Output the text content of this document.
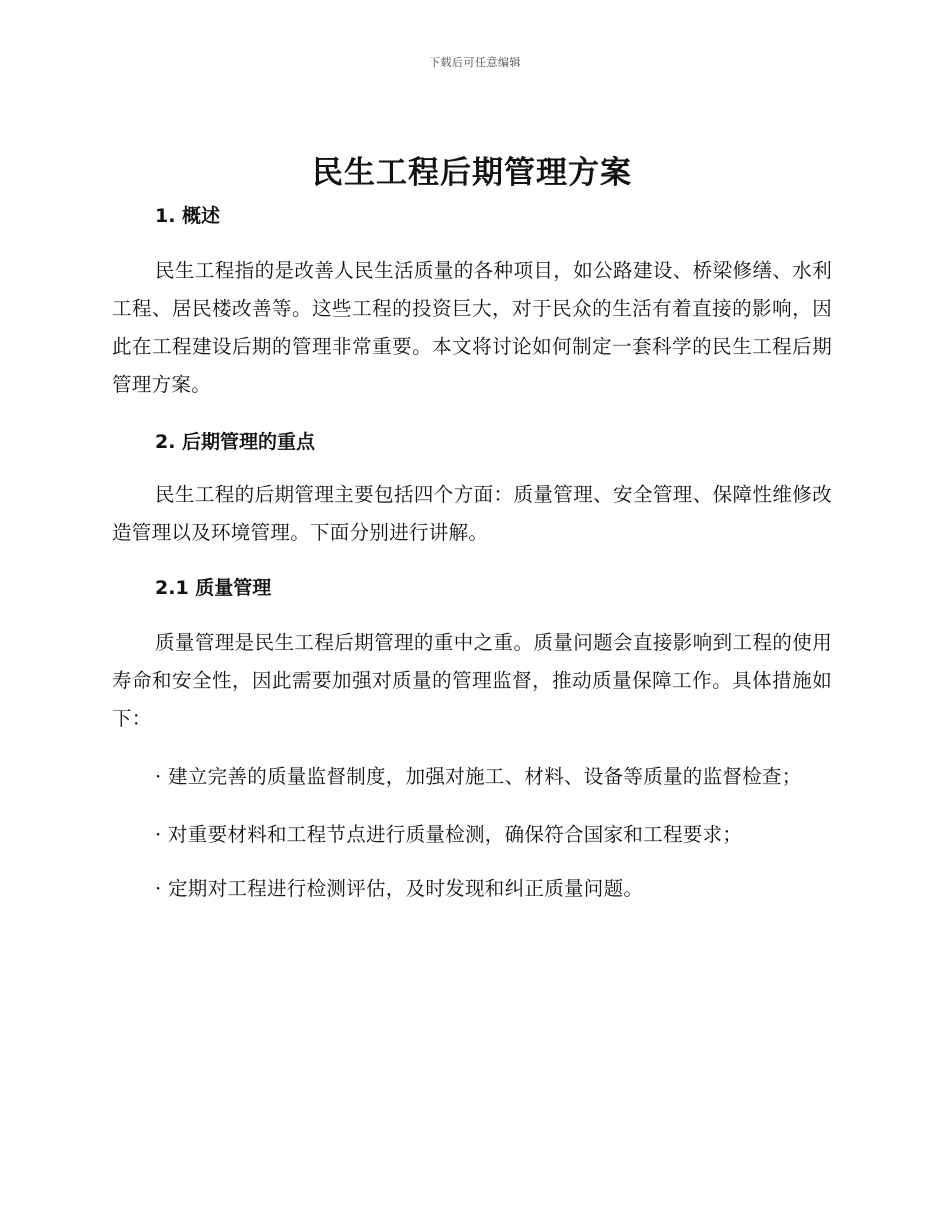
下载后可任意编辑
民生工程后期管理方案
1. 概述

民生工程指的是改善人民生活质量的各种项目，如公路建设、桥梁修缮、水利工程、居民楼改善等。这些工程的投资巨大，对于民众的生活有着直接的影响，因此在工程建设后期的管理非常重要。本文将讨论如何制定一套科学的民生工程后期管理方案。

2. 后期管理的重点

民生工程的后期管理主要包括四个方面：质量管理、安全管理、保障性维修改造管理以及环境管理。下面分别进行讲解。

2.1 质量管理

质量管理是民生工程后期管理的重中之重。质量问题会直接影响到工程的使用寿命和安全性，因此需要加强对质量的管理监督，推动质量保障工作。具体措施如下：

· 建立完善的质量监督制度，加强对施工、材料、设备等质量的监督检查；

· 对重要材料和工程节点进行质量检测，确保符合国家和工程要求；

· 定期对工程进行检测评估，及时发现和纠正质量问题。
